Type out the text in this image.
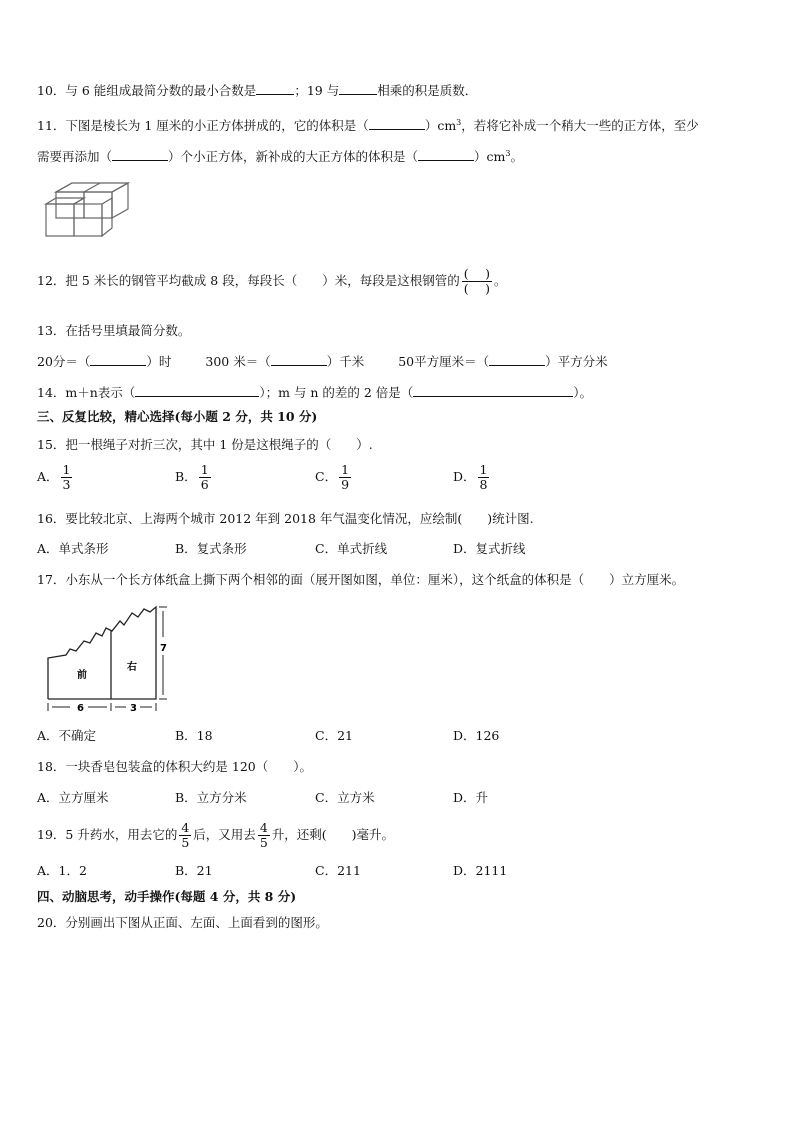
10．与 6 能组成最简分数的最小合数是	；19 与	相乘的积是质数．
11．下图是棱长为 1 厘米的小正方体拼成的，它的体积是（	）$cm^3$，若将它补成一个稍大一些的正方体，至少
需要再添加（	）个小正方体，新补成的大正方体的体积是（	）$cm^3$。
12．把 5 米长的钢管平均截成 8 段，每段长（　　）米，每段是这根钢管的 $\frac{( )}{( )}$ 。
13．在括号里填最简分数。
20分＝（	）时	300 米＝（	）千米	50平方厘米＝（	）平方分米
14．m＋n表示（	）；m 与 n 的差的 2 倍是（	）。
三、反复比较，精心选择(每小题 2 分，共 10 分)
15．把一根绳子对折三次，其中 1 份是这根绳子的（　　）.
A． $\frac{1}{3}$	B． $\frac{1}{6}$	C． $\frac{1}{9}$	D． $\frac{1}{8}$
16．要比较北京、上海两个城市 2012 年到 2018 年气温变化情况，应绘制(　　)统计图.
A．单式条形	B．复式条形	C．单式折线	D．复式折线
17．小东从一个长方体纸盒上撕下两个相邻的面（展开图如图，单位：厘米），这个纸盒的体积是（　　）立方厘米。
前
右
6	3
7
A．不确定	B．18	C．21	D．126
18．一块香皂包装盒的体积大约是 120（　　）。
A．立方厘米	B．立方分米	C．立方米	D．升
19．5 升药水，用去它的 $\frac{4}{5}$ 后，又用去 $\frac{4}{5}$ 升，还剩(　　)毫升。
A．1．2	B．21	C．211	D．2111
四、动脑思考，动手操作(每题 4 分，共 8 分)
20．分别画出下图从正面、左面、上面看到的图形。
